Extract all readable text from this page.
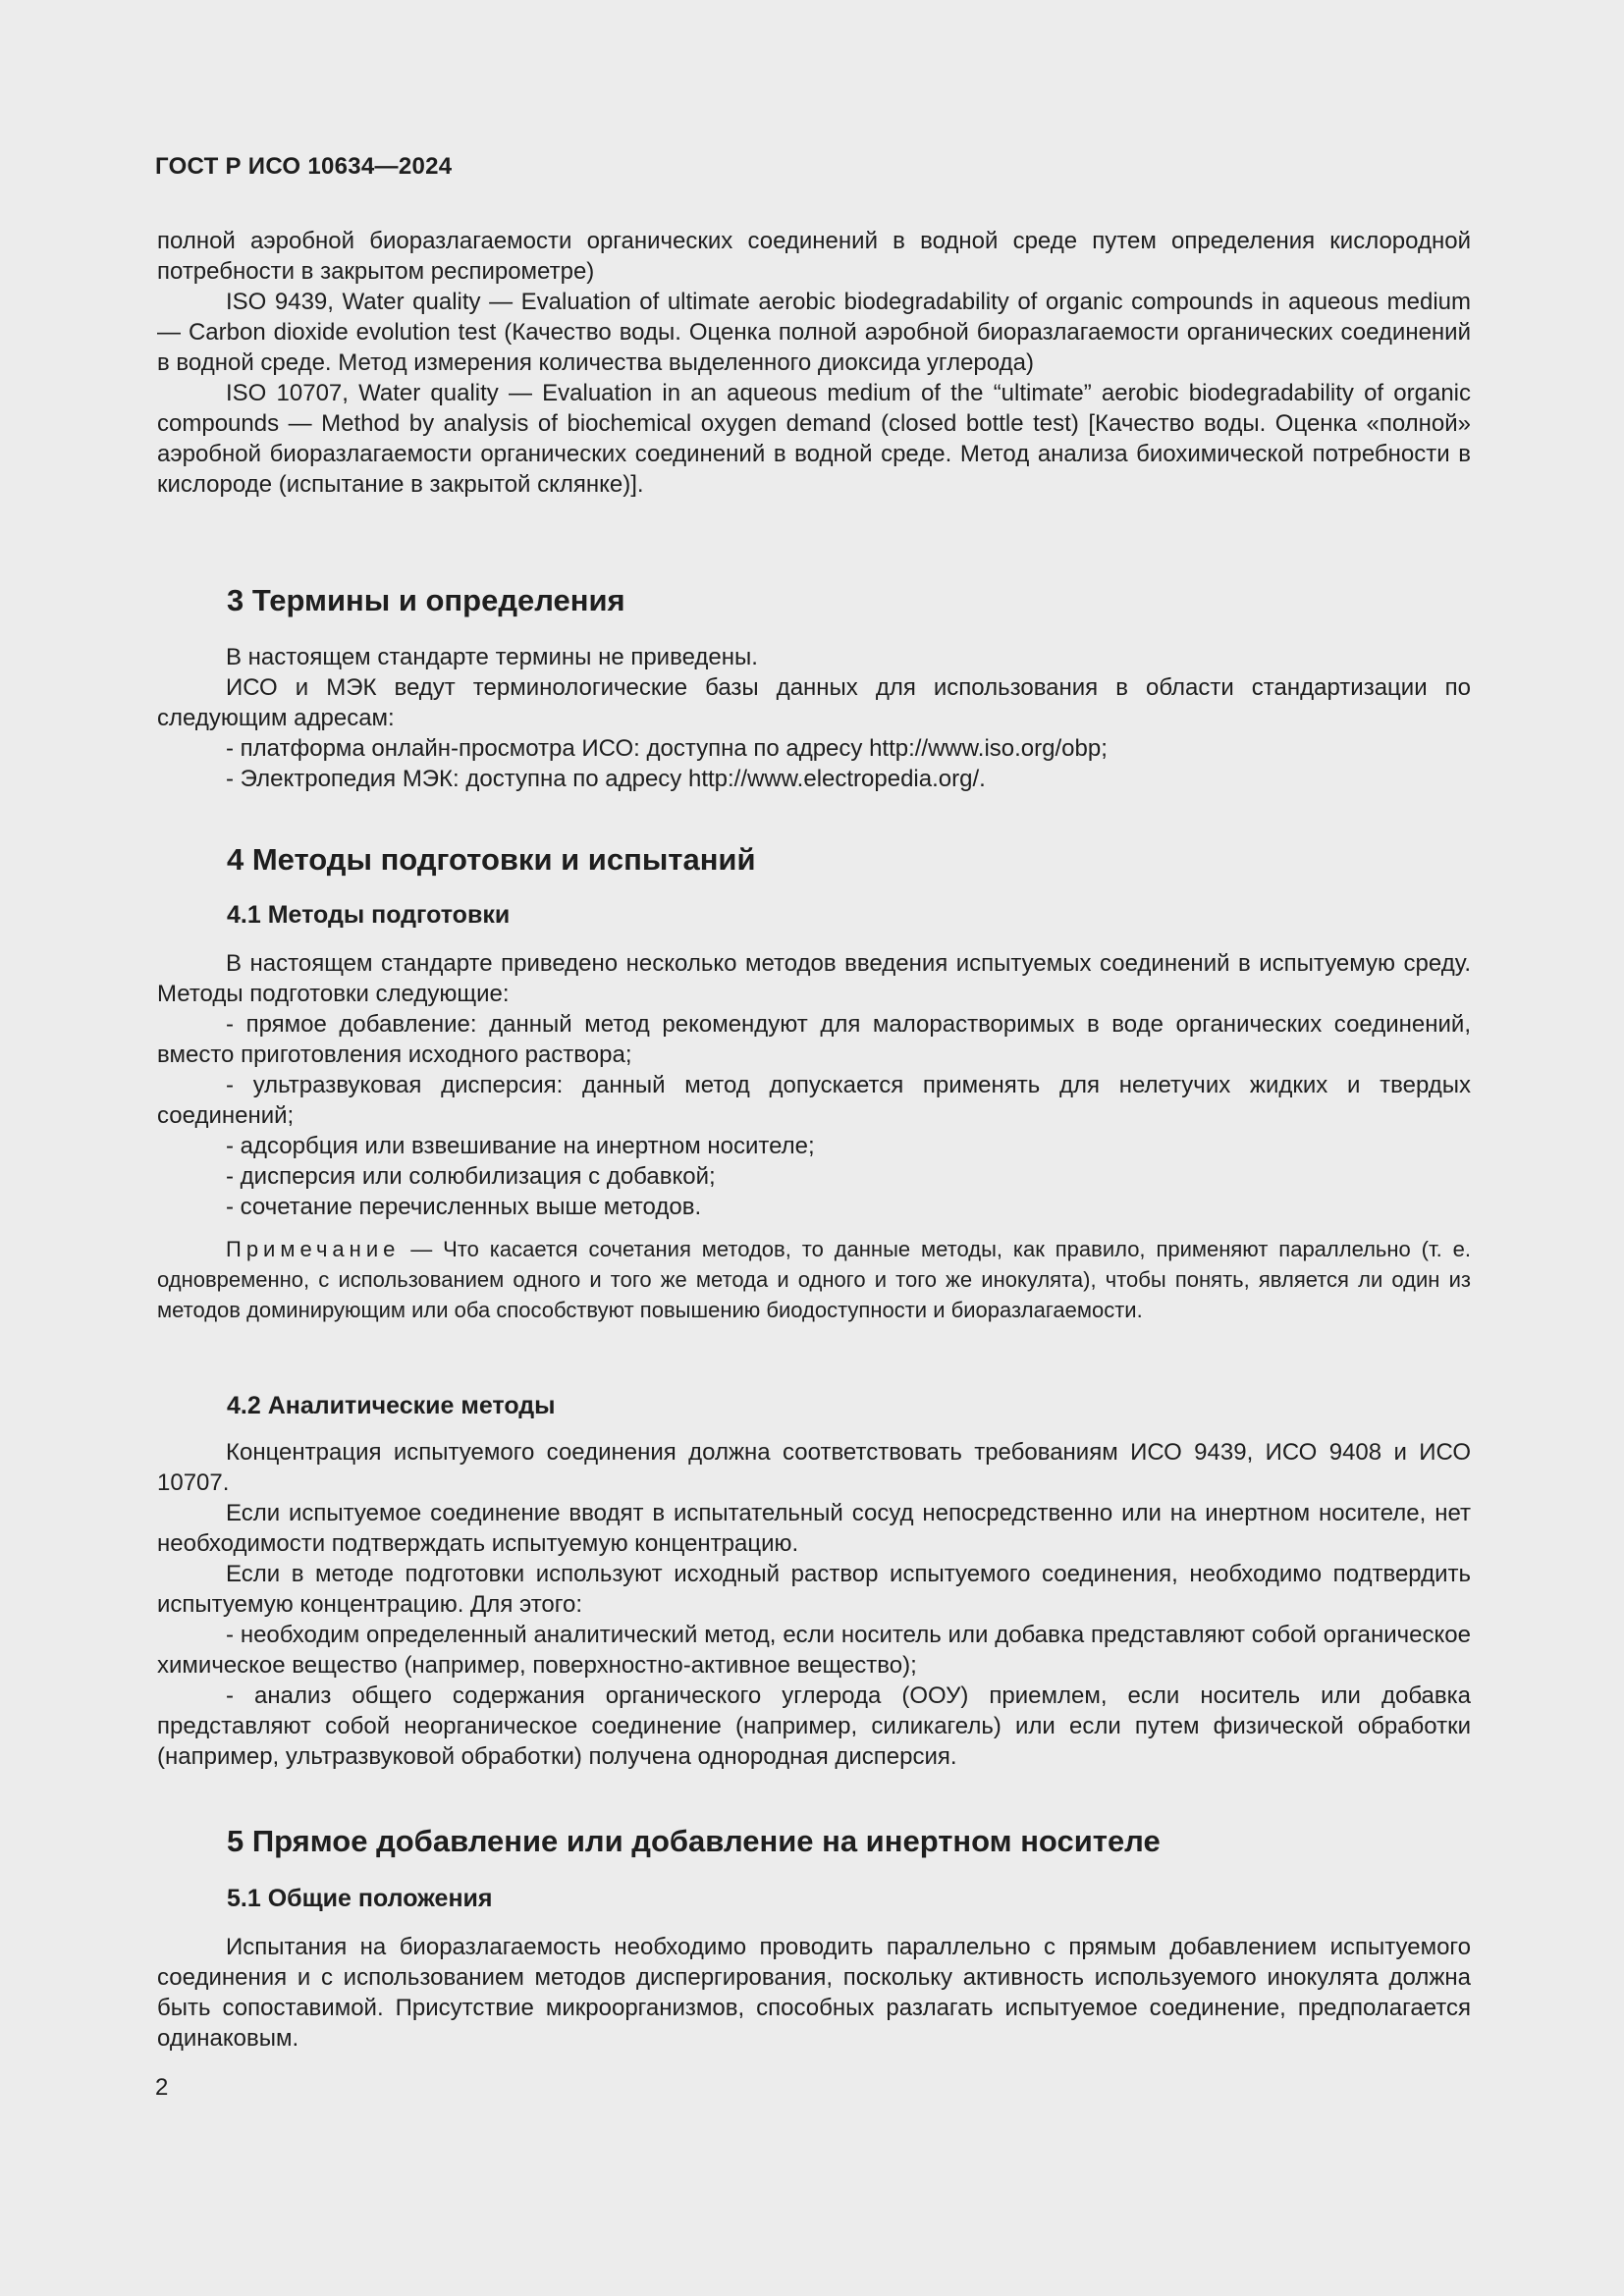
ГОСТ Р ИСО 10634—2024

полной аэробной биоразлагаемости органических соединений в водной среде путем определения кислородной потребности в закрытом респирометре)

ISO 9439, Water quality — Evaluation of ultimate aerobic biodegradability of organic compounds in aqueous medium — Carbon dioxide evolution test (Качество воды. Оценка полной аэробной биоразлагаемости органических соединений в водной среде. Метод измерения количества выделенного диоксида углерода)

ISO 10707, Water quality — Evaluation in an aqueous medium of the “ultimate” aerobic biodegradability of organic compounds — Method by analysis of biochemical oxygen demand (closed bottle test) [Качество воды. Оценка «полной» аэробной биоразлагаемости органических соединений в водной среде. Метод анализа биохимической потребности в кислороде (испытание в закрытой склянке)].

3 Термины и определения

В настоящем стандарте термины не приведены.

ИСО и МЭК ведут терминологические базы данных для использования в области стандартизации по следующим адресам:

- платформа онлайн-просмотра ИСО: доступна по адресу http://www.iso.org/obp;

- Электропедия МЭК: доступна по адресу http://www.electropedia.org/.

4 Методы подготовки и испытаний
4.1 Методы подготовки

В настоящем стандарте приведено несколько методов введения испытуемых соединений в испытуемую среду. Методы подготовки следующие:

- прямое добавление: данный метод рекомендуют для малорастворимых в воде органических соединений, вместо приготовления исходного раствора;

- ультразвуковая дисперсия: данный метод допускается применять для нелетучих жидких и твердых соединений;

- адсорбция или взвешивание на инертном носителе;

- дисперсия или солюбилизация с добавкой;

- сочетание перечисленных выше методов.

Примечание — Что касается сочетания методов, то данные методы, как правило, применяют параллельно (т. е. одновременно, с использованием одного и того же метода и одного и того же инокулята), чтобы понять, является ли один из методов доминирующим или оба способствуют повышению биодоступности и биоразлагаемости.

4.2 Аналитические методы

Концентрация испытуемого соединения должна соответствовать требованиям ИСО 9439, ИСО 9408 и ИСО 10707.

Если испытуемое соединение вводят в испытательный сосуд непосредственно или на инертном носителе, нет необходимости подтверждать испытуемую концентрацию.

Если в методе подготовки используют исходный раствор испытуемого соединения, необходимо подтвердить испытуемую концентрацию. Для этого:

- необходим определенный аналитический метод, если носитель или добавка представляют собой органическое химическое вещество (например, поверхностно-активное вещество);

- анализ общего содержания органического углерода (ООУ) приемлем, если носитель или добавка представляют собой неорганическое соединение (например, силикагель) или если путем физической обработки (например, ультразвуковой обработки) получена однородная дисперсия.

5 Прямое добавление или добавление на инертном носителе
5.1 Общие положения

Испытания на биоразлагаемость необходимо проводить параллельно с прямым добавлением испытуемого соединения и с использованием методов диспергирования, поскольку активность используемого инокулята должна быть сопоставимой. Присутствие микроорганизмов, способных разлагать испытуемое соединение, предполагается одинаковым.

2
